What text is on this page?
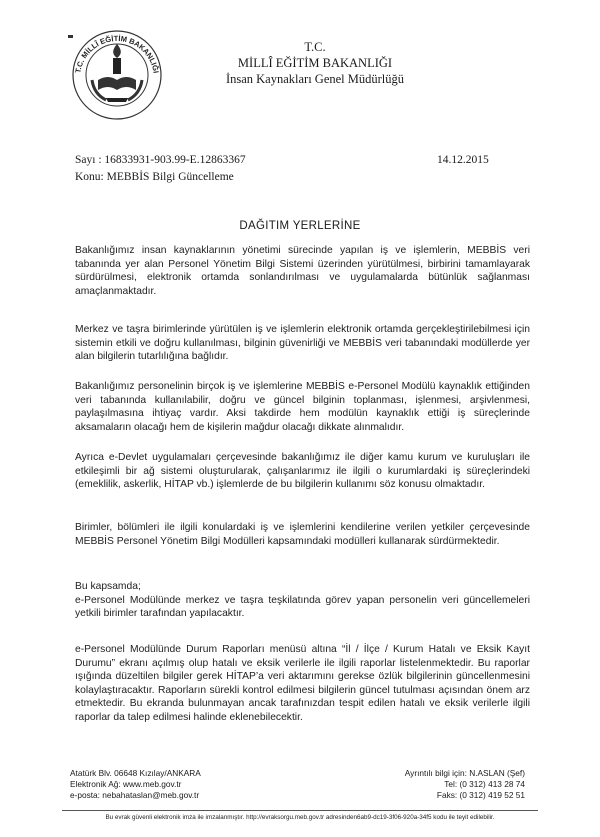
T.C. MİLLÎ EĞİTİM BAKANLIĞI
T.C.
MİLLÎ EĞİTİM BAKANLIĞI
İnsan Kaynakları Genel Müdürlüğü
Sayı : 16833931-903.99-E.12863367
Konu: MEBBİS Bilgi Güncelleme
14.12.2015
DAĞITIM YERLERİNE
Bakanlığımız insan kaynaklarının yönetimi sürecinde yapılan iş ve işlemlerin, MEBBİS veri tabanında yer alan Personel Yönetim Bilgi Sistemi üzerinden yürütülmesi, birbirini tamamlayarak sürdürülmesi, elektronik ortamda sonlandırılması ve uygulamalarda bütünlük sağlanması amaçlanmaktadır.
Merkez ve taşra birimlerinde yürütülen iş ve işlemlerin elektronik ortamda gerçekleştirilebilmesi için sistemin etkili ve doğru kullanılması, bilginin güvenirliği ve MEBBİS veri tabanındaki modüllerde yer alan bilgilerin tutarlılığına bağlıdır.
Bakanlığımız personelinin birçok iş ve işlemlerine MEBBİS e-Personel Modülü kaynaklık ettiğinden veri tabanında kullanılabilir, doğru ve güncel bilginin toplanması, işlenmesi, arşivlenmesi, paylaşılmasına ihtiyaç vardır. Aksi takdirde hem modülün kaynaklık ettiği iş süreçlerinde aksamaların olacağı hem de kişilerin mağdur olacağı dikkate alınmalıdır.
Ayrıca e-Devlet uygulamaları çerçevesinde bakanlığımız ile diğer kamu kurum ve kuruluşları ile etkileşimli bir ağ sistemi oluşturularak, çalışanlarımız ile ilgili o kurumlardaki iş süreçlerindeki (emeklilik, askerlik, HİTAP vb.) işlemlerde de bu bilgilerin kullanımı söz konusu olmaktadır.
Birimler, bölümleri ile ilgili konulardaki iş ve işlemlerini kendilerine verilen yetkiler çerçevesinde MEBBİS Personel Yönetim Bilgi Modülleri kapsamındaki modülleri kullanarak sürdürmektedir.
Bu kapsamda;
e-Personel Modülünde merkez ve taşra teşkilatında görev yapan personelin veri güncellemeleri yetkili birimler tarafından yapılacaktır.
e-Personel Modülünde Durum Raporları menüsü altına “İl / İlçe / Kurum Hatalı ve Eksik Kayıt Durumu” ekranı açılmış olup hatalı ve eksik verilerle ile ilgili raporlar listelenmektedir. Bu raporlar ışığında düzeltilen bilgiler gerek HİTAP’a veri aktarımını gerekse özlük bilgilerinin güncellenmesini kolaylaştıracaktır. Raporların sürekli kontrol edilmesi bilgilerin güncel tutulması açısından önem arz etmektedir. Bu ekranda bulunmayan ancak tarafınızdan tespit edilen hatalı ve eksik verilerle ilgili raporlar da talep edilmesi halinde eklenebilecektir.
Atatürk Blv. 06648 Kızılay/ANKARA
Elektronik Ağ: www.meb.gov.tr
e-posta: nebahataslan@meb.gov.tr
Ayrıntılı bilgi için: N.ASLAN (Şef)
Tel: (0 312) 413 28 74
Faks: (0 312) 419 52 51
Bu evrak güvenli elektronik imza ile imzalanmıştır. http://evraksorgu.meb.gov.tr adresinden6ab9-dc19-3f06-920a-34f5 kodu ile teyit edilebilir.
